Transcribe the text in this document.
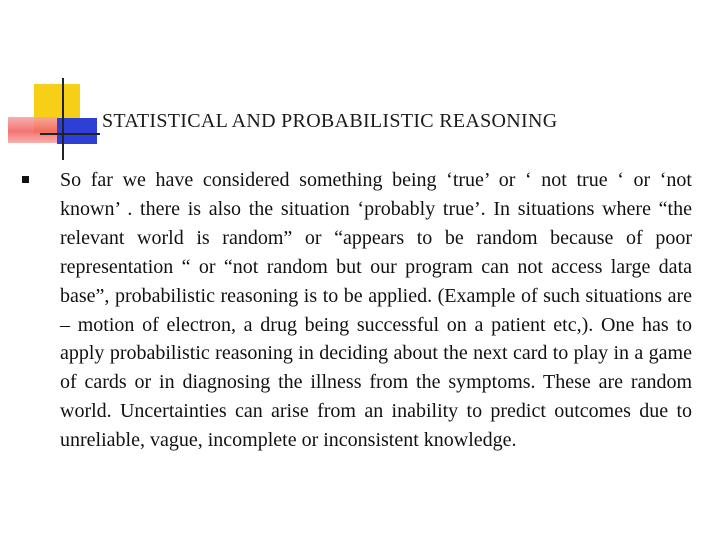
STATISTICAL AND PROBABILISTIC REASONING
So far we have considered something being ‘true’ or ‘ not true ‘ or ‘not known’ . there is also the situation ‘probably true’. In situations where “the relevant world is random” or “appears to be random because of poor representation “ or “not random but our program can not access large data base”, probabilistic reasoning is to be applied. (Example of such situations are – motion of electron, a drug being successful on a patient etc,). One has to apply probabilistic reasoning in deciding about the next card to play in a game of cards or in diagnosing the illness from the symptoms. These are random world. Uncertainties can arise from an inability to predict outcomes due to unreliable, vague, incomplete or inconsistent knowledge.
